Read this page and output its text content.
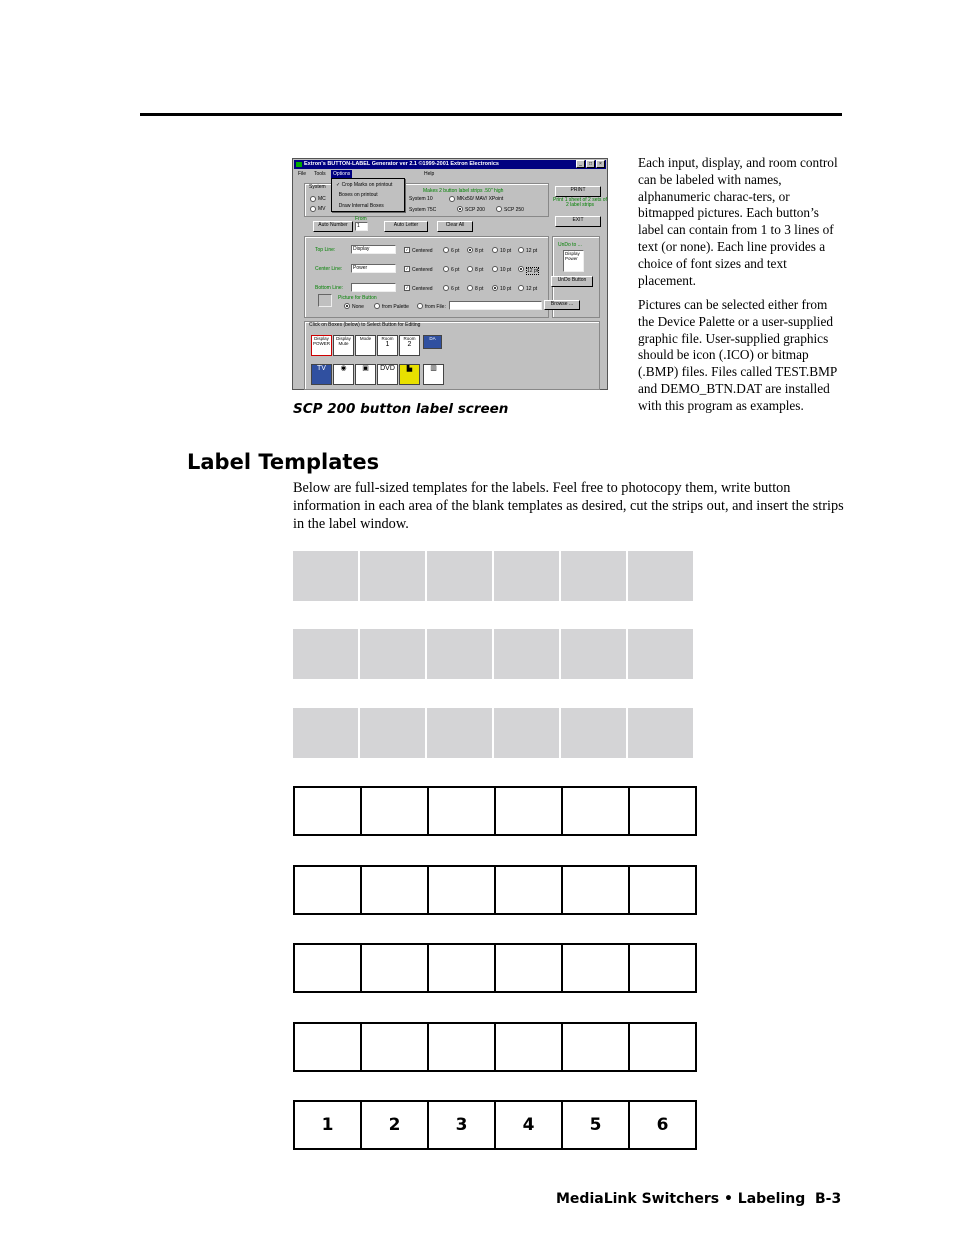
Extron's BUTTON-LABEL Generator ver 2.1 ©1999-2001 Extron Electronics	_	□	×
File Tools	Options	Help
✓ Crop Marks on printout
Boxes on printout
Draw Internal Boxes
System
MC
MV
Makes 2 button label strips .50" high
System 10	MKx50/ MAV/ XPoint
System 75C	SCP 200	SCP 250
PRINT
Print 1 sheet of 2 sets of 2 label strips
EXIT
From
Auto Number	1	Auto Letter	Clear All
Top Line:	Display	✓ Centered	6 pt	8 pt	10 pt	12 pt
Center Line:	Power	✓ Centered	6 pt	8 pt	10 pt	12 pt
Bottom Line:	✓ Centered	6 pt	8 pt	10 pt	12 pt
Picture for Button
None	from Palette	from File:
UnDo to ...
Display
Power
UnDo Button
Browse ...
Click on Boxes (below) to Select Button for Editing
Display
POWER
Display
Mute
Mode	Room
1
Room
2
DA
TV	◉	▣	DVD	▙	▥
SCP 200 button label screen
Each input, display, and room control can be labeled with names, alphanumeric charac-ters, or bitmapped pictures. Each button’s label can contain from 1 to 3 lines of text (or none). Each line provides a choice of font sizes and text placement.
Pictures can be selected either from the Device Palette or a user-supplied graphic file. User-supplied graphics should be icon (.ICO) or bitmap (.BMP) files. Files called TEST.BMP and DEMO_BTN.DAT are installed with this program as examples.
Label Templates
Below are full-sized templates for the labels. Feel free to photocopy them, write button information in each area of the blank templates as desired, cut the strips out, and insert the strips in the label window.
1	2	3	4	5	6
MediaLink Switchers • Labeling B-3
